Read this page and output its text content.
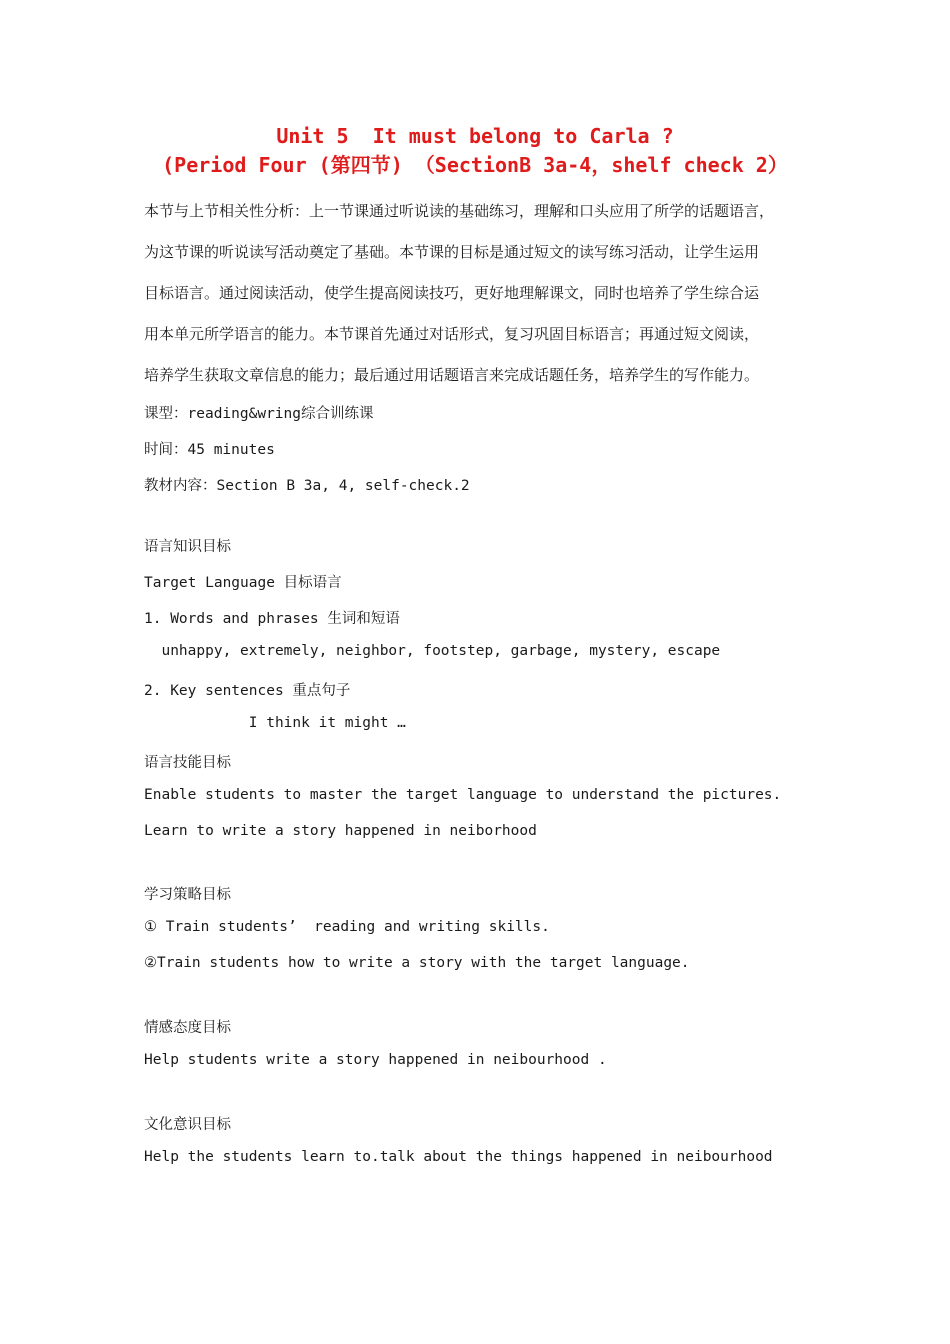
Unit 5  It must belong to Carla ?
(Period Four (第四节) （SectionB 3a-4，shelf check 2）
本节与上节相关性分析：上一节课通过听说读的基础练习，理解和口头应用了所学的话题语言，
为这节课的听说读写活动奠定了基础。本节课的目标是通过短文的读写练习活动，让学生运用
目标语言。通过阅读活动，使学生提高阅读技巧，更好地理解课文，同时也培养了学生综合运
用本单元所学语言的能力。本节课首先通过对话形式，复习巩固目标语言；再通过短文阅读，
培养学生获取文章信息的能力；最后通过用话题语言来完成话题任务，培养学生的写作能力。
课型：reading&wring综合训练课
时间：45 minutes
教材内容：Section B 3a, 4, self-check.2
语言知识目标
Target Language 目标语言
1. Words and phrases 生词和短语
unhappy, extremely, neighbor, footstep, garbage, mystery, escape
2. Key sentences 重点句子
I think it might …
语言技能目标
Enable students to master the target language to understand the pictures.
Learn to write a story happened in neiborhood
学习策略目标
① Train students’  reading and writing skills.
②Train students how to write a story with the target language.
情感态度目标
Help students write a story happened in neibourhood .
文化意识目标
Help the students learn to.talk about the things happened in neibourhood
